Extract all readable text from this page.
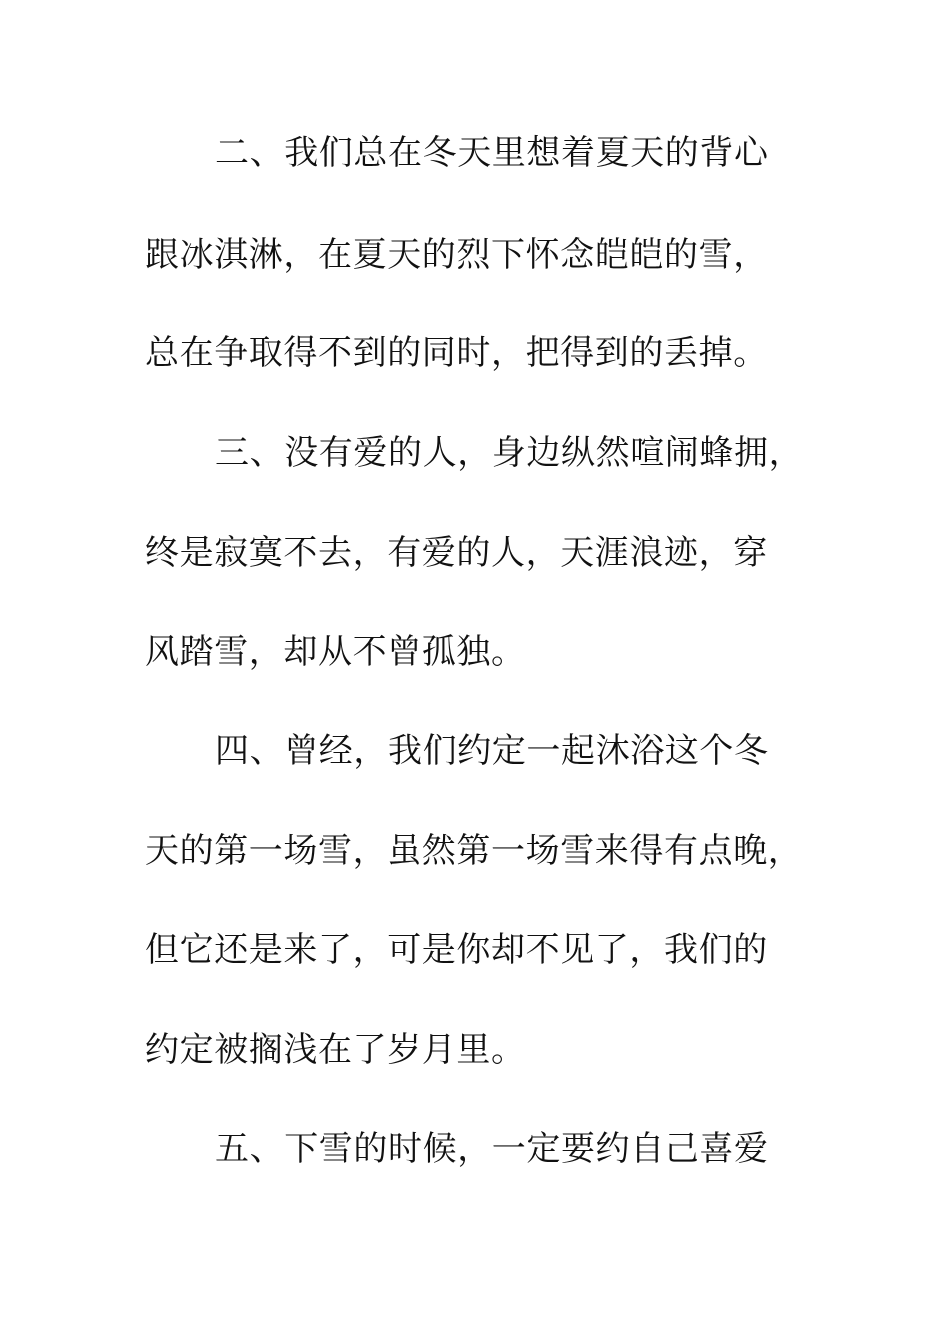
二、我们总在冬天里想着夏天的背心
跟冰淇淋，在夏天的烈下怀念皑皑的雪，
总在争取得不到的同时，把得到的丢掉。
三、没有爱的人，身边纵然喧闹蜂拥，
终是寂寞不去，有爱的人，天涯浪迹，穿
风踏雪，却从不曾孤独。
四、曾经，我们约定一起沐浴这个冬
天的第一场雪，虽然第一场雪来得有点晚，
但它还是来了，可是你却不见了，我们的
约定被搁浅在了岁月里。
五、下雪的时候，一定要约自己喜爱
